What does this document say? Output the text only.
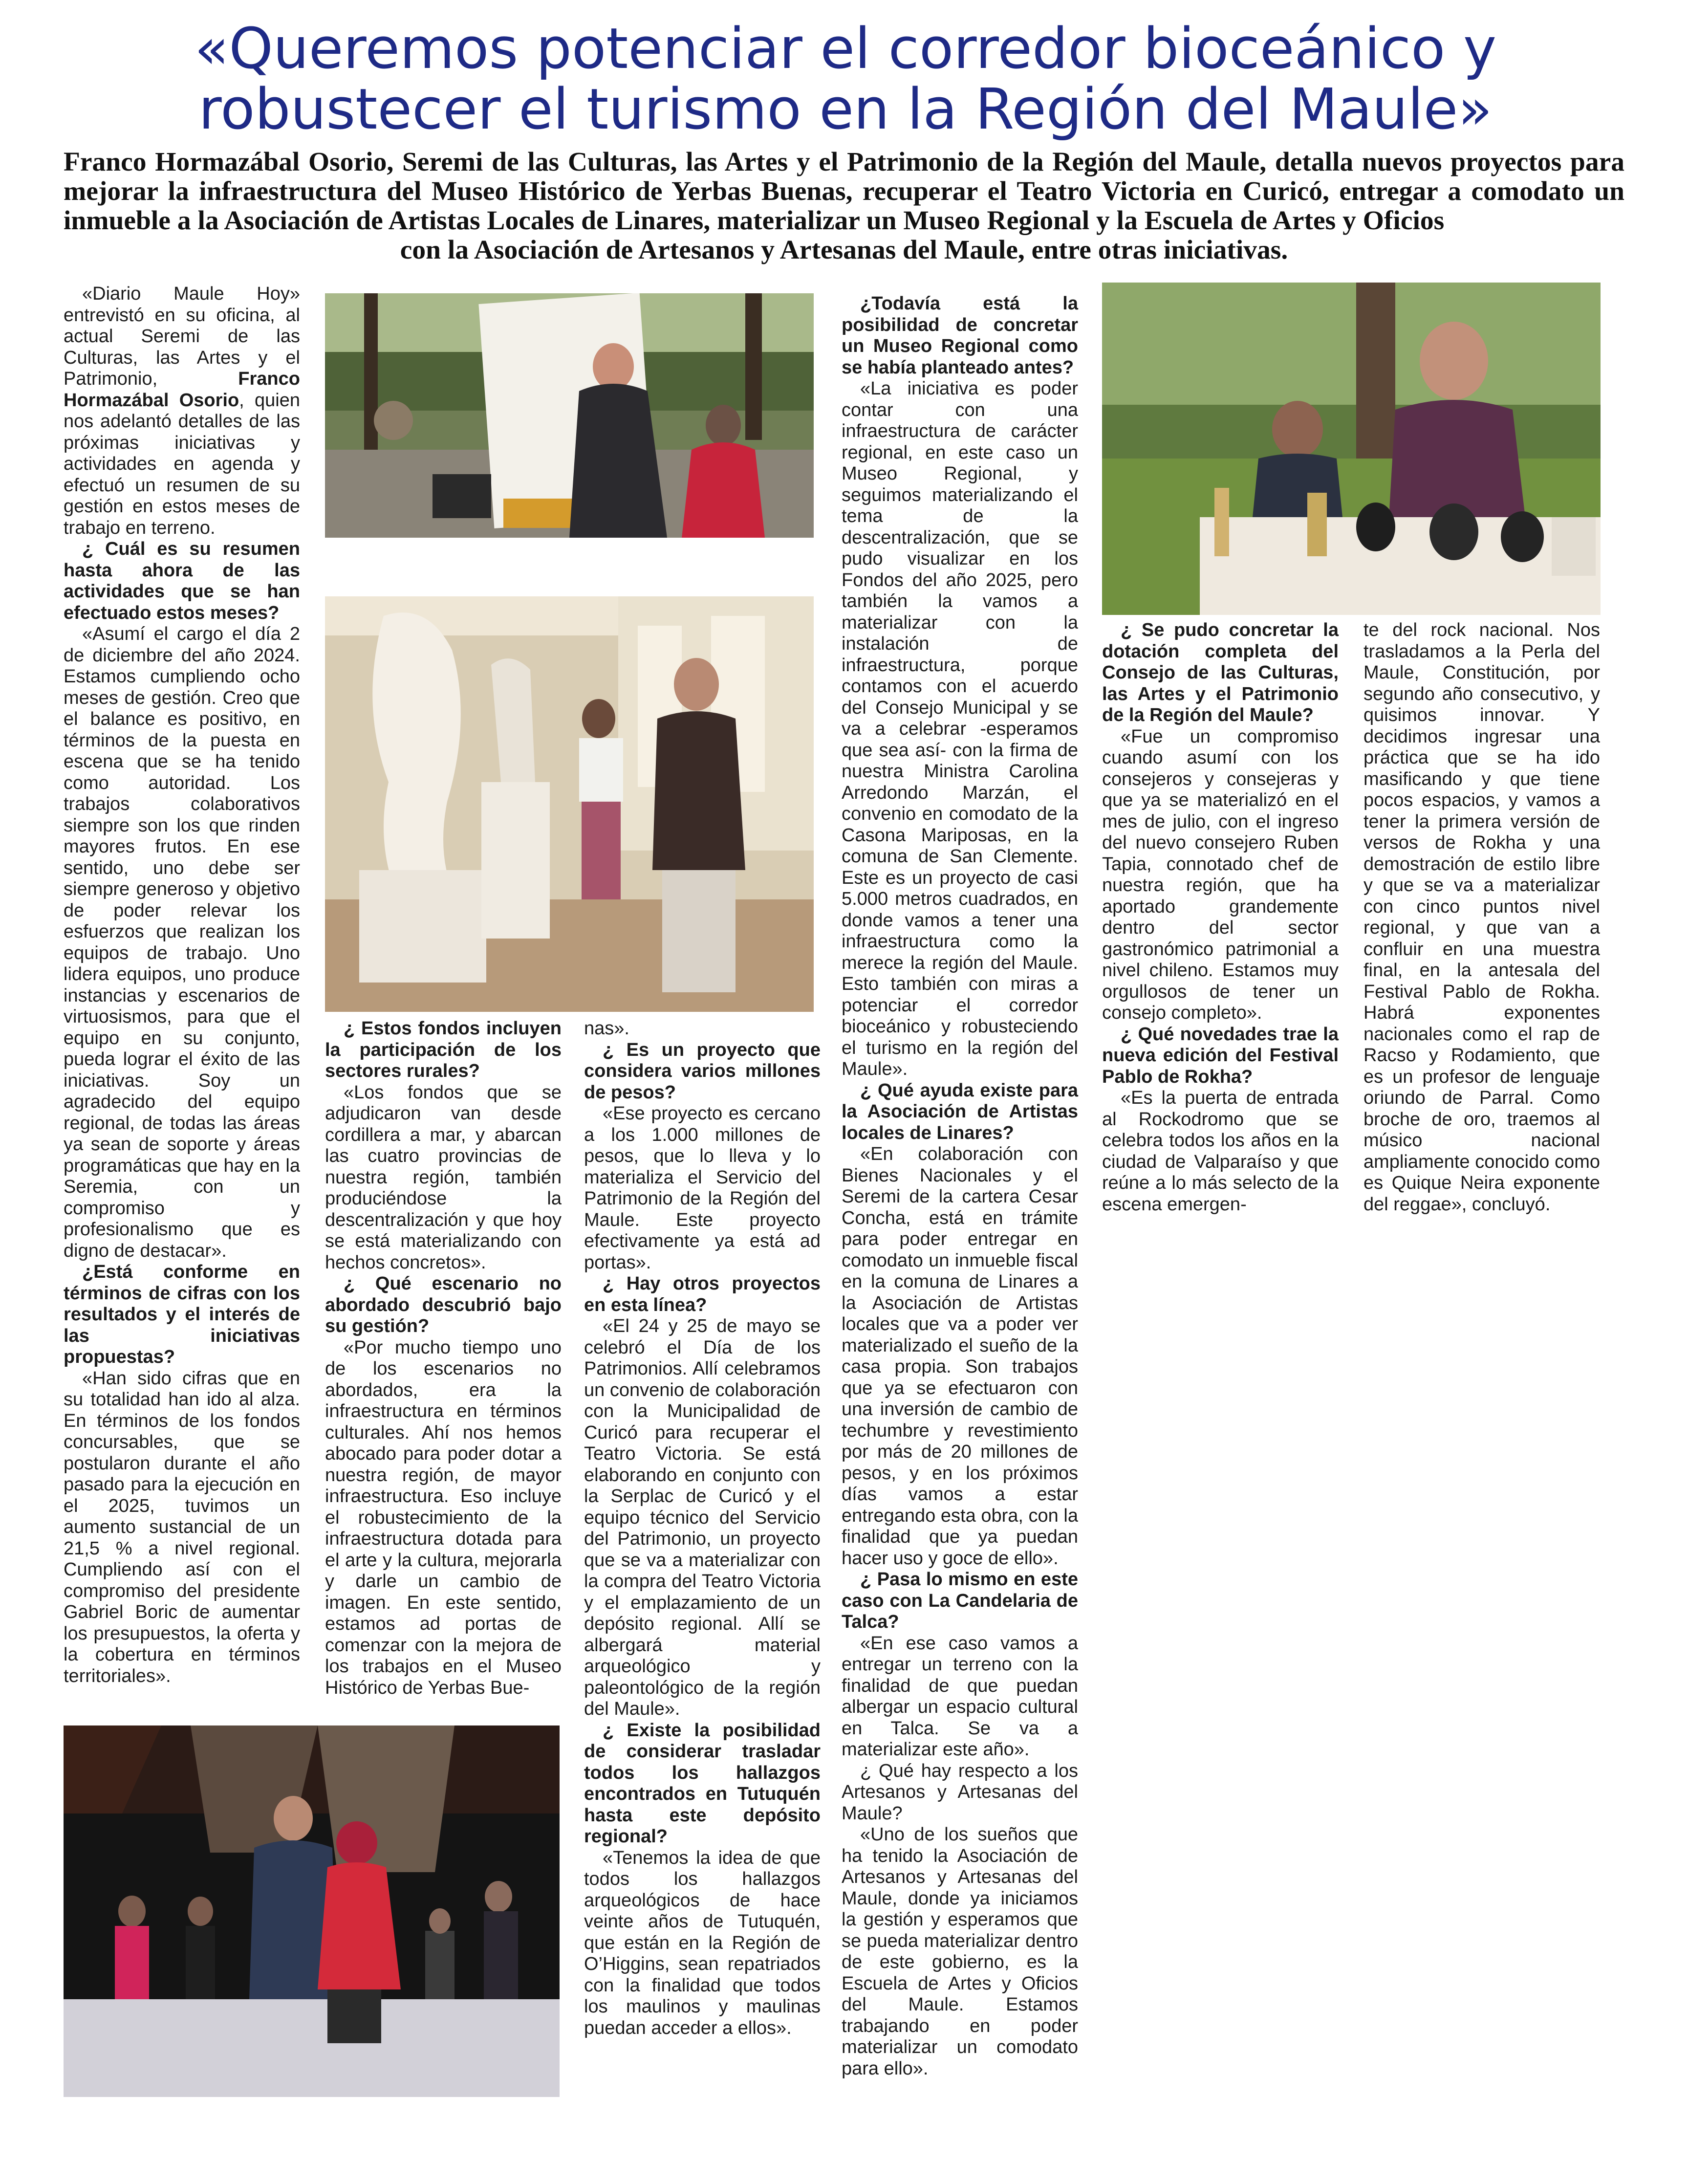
«Queremos potenciar el corredor bioceánico y
robustecer el turismo en la Región del Maule»

Franco Hormazábal Osorio, Seremi de las Culturas, las Artes y el Patrimonio de la Región del Maule, detalla nuevos proyectos para mejorar la infraestructura del Museo Histórico de Yerbas Buenas, recuperar el Teatro Victoria en Curicó, entregar a comodato un inmueble a la Asociación de Artistas Locales de Linares, materializar un Museo Regional y la Escuela de Artes y Oficios
con la Asociación de Artesanos y Artesanas del Maule, entre otras iniciativas.

«Diario Maule Hoy» entrevistó en su oficina, al actual Seremi de las Culturas, las Artes y el Patrimonio, Franco Hormazábal Osorio, quien nos adelantó detalles de las próximas iniciativas y actividades en agenda y efectuó un resumen de su gestión en estos meses de trabajo en terreno.

¿ Cuál es su resumen hasta ahora de las actividades que se han efectuado estos meses?

«Asumí el cargo el día 2 de diciembre del año 2024. Estamos cumpliendo ocho meses de gestión. Creo que el balance es positivo, en términos de la puesta en escena que se ha tenido como autoridad. Los trabajos colaborativos siempre son los que rinden mayores frutos. En ese sentido, uno debe ser siempre generoso y objetivo de poder relevar los esfuerzos que realizan los equipos de trabajo. Uno lidera equipos, uno produce instancias y escenarios de virtuosismos, para que el equipo en su conjunto, pueda lograr el éxito de las iniciativas. Soy un agradecido del equipo regional, de todas las áreas ya sean de soporte y áreas programáticas que hay en la Seremia, con un compromiso y profesionalismo que es digno de destacar».

¿Está conforme en términos de cifras con los resultados y el interés de las iniciativas propuestas?

«Han sido cifras que en su totalidad han ido al alza. En términos de los fondos concursables, que se postularon durante el año pasado para la ejecución en el 2025, tuvimos un aumento sustancial de un 21,5 % a nivel regional. Cumpliendo así con el compromiso del presidente Gabriel Boric de aumentar los presupuestos, la oferta y la cobertura en términos territoriales».

¿ Estos fondos incluyen la participación de los sectores rurales?

«Los fondos que se adjudicaron van desde cordillera a mar, y abarcan las cuatro provincias de nuestra región, también produciéndose la descentralización y que hoy se está materializando con hechos concretos».

¿ Qué escenario no abordado descubrió bajo su gestión?

«Por mucho tiempo uno de los escenarios no abordados, era la infraestructura en términos culturales. Ahí nos hemos abocado para poder dotar a nuestra región, de mayor infraestructura. Eso incluye el robustecimiento de la infraestructura dotada para el arte y la cultura, mejorarla y darle un cambio de imagen. En este sentido, estamos ad portas de comenzar con la mejora de los trabajos en el Museo Histórico de Yerbas Bue-

nas».

¿ Es un proyecto que considera varios millones de pesos?

«Ese proyecto es cercano a los 1.000 millones de pesos, que lo lleva y lo materializa el Servicio del Patrimonio de la Región del Maule. Este proyecto efectivamente ya está ad portas».

¿ Hay otros proyectos en esta línea?

«El 24 y 25 de mayo se celebró el Día de los Patrimonios. Allí celebramos un convenio de colaboración con la Municipalidad de Curicó para recuperar el Teatro Victoria. Se está elaborando en conjunto con la Serplac de Curicó y el equipo técnico del Servicio del Patrimonio, un proyecto que se va a materializar con la compra del Teatro Victoria y el emplazamiento de un depósito regional. Allí se albergará material arqueológico y paleontológico de la región del Maule».

¿ Existe la posibilidad de considerar trasladar todos los hallazgos encontrados en Tutuquén hasta este depósito regional?

«Tenemos la idea de que todos los hallazgos arqueológicos de hace veinte años de Tutuquén, que están en la Región de O’Higgins, sean repatriados con la finalidad que todos los maulinos y maulinas puedan acceder a ellos».

¿Todavía está la posibilidad de concretar un Museo Regional como se había planteado antes?

«La iniciativa es poder contar con una infraestructura de carácter regional, en este caso un Museo Regional, y seguimos materializando el tema de la descentralización, que se pudo visualizar en los Fondos del año 2025, pero también la vamos a materializar con la instalación de infraestructura, porque contamos con el acuerdo del Consejo Municipal y se va a celebrar -esperamos que sea así- con la firma de nuestra Ministra Carolina Arredondo Marzán, el convenio en comodato de la Casona Mariposas, en la comuna de San Clemente. Este es un proyecto de casi 5.000 metros cuadrados, en donde vamos a tener una infraestructura como la merece la región del Maule. Esto también con miras a potenciar el corredor bioceánico y robusteciendo el turismo en la región del Maule».

¿ Qué ayuda existe para la Asociación de Artistas locales de Linares?

«En colaboración con Bienes Nacionales y el Seremi de la cartera Cesar Concha, está en trámite para poder entregar en comodato un inmueble fiscal en la comuna de Linares a la Asociación de Artistas locales que va a poder ver materializado el sueño de la casa propia. Son trabajos que ya se efectuaron con una inversión de cambio de techumbre y revestimiento por más de 20 millones de pesos, y en los próximos días vamos a estar entregando esta obra, con la finalidad que ya puedan hacer uso y goce de ello».

¿ Pasa lo mismo en este caso con La Candelaria de Talca?

«En ese caso vamos a entregar un terreno con la finalidad de que puedan albergar un espacio cultural en Talca. Se va a materializar este año».

¿ Qué hay respecto a los Artesanos y Artesanas del Maule?

«Uno de los sueños que ha tenido la Asociación de Artesanos y Artesanas del Maule, donde ya iniciamos la gestión y esperamos que se pueda materializar dentro de este gobierno, es la Escuela de Artes y Oficios del Maule. Estamos trabajando en poder materializar un comodato para ello».

¿ Se pudo concretar la dotación completa del Consejo de las Culturas, las Artes y el Patrimonio de la Región del Maule?

«Fue un compromiso cuando asumí con los consejeros y consejeras y que ya se materializó en el mes de julio, con el ingreso del nuevo consejero Ruben Tapia, connotado chef de nuestra región, que ha aportado grandemente dentro del sector gastronómico patrimonial a nivel chileno. Estamos muy orgullosos de tener un consejo completo».

¿ Qué novedades trae la nueva edición del Festival Pablo de Rokha?

«Es la puerta de entrada al Rockodromo que se celebra todos los años en la ciudad de Valparaíso y que reúne a lo más selecto de la escena emergen-

te del rock nacional. Nos trasladamos a la Perla del Maule, Constitución, por segundo año consecutivo, y quisimos innovar. Y decidimos ingresar una práctica que se ha ido masificando y que tiene pocos espacios, y vamos a tener la primera versión de versos de Rokha y una demostración de estilo libre y que se va a materializar con cinco puntos nivel regional, y que van a confluir en una muestra final, en la antesala del Festival Pablo de Rokha. Habrá exponentes nacionales como el rap de Racso y Rodamiento, que es un profesor de lenguaje oriundo de Parral. Como broche de oro, traemos al músico nacional ampliamente conocido como es Quique Neira exponente del reggae», concluyó.
